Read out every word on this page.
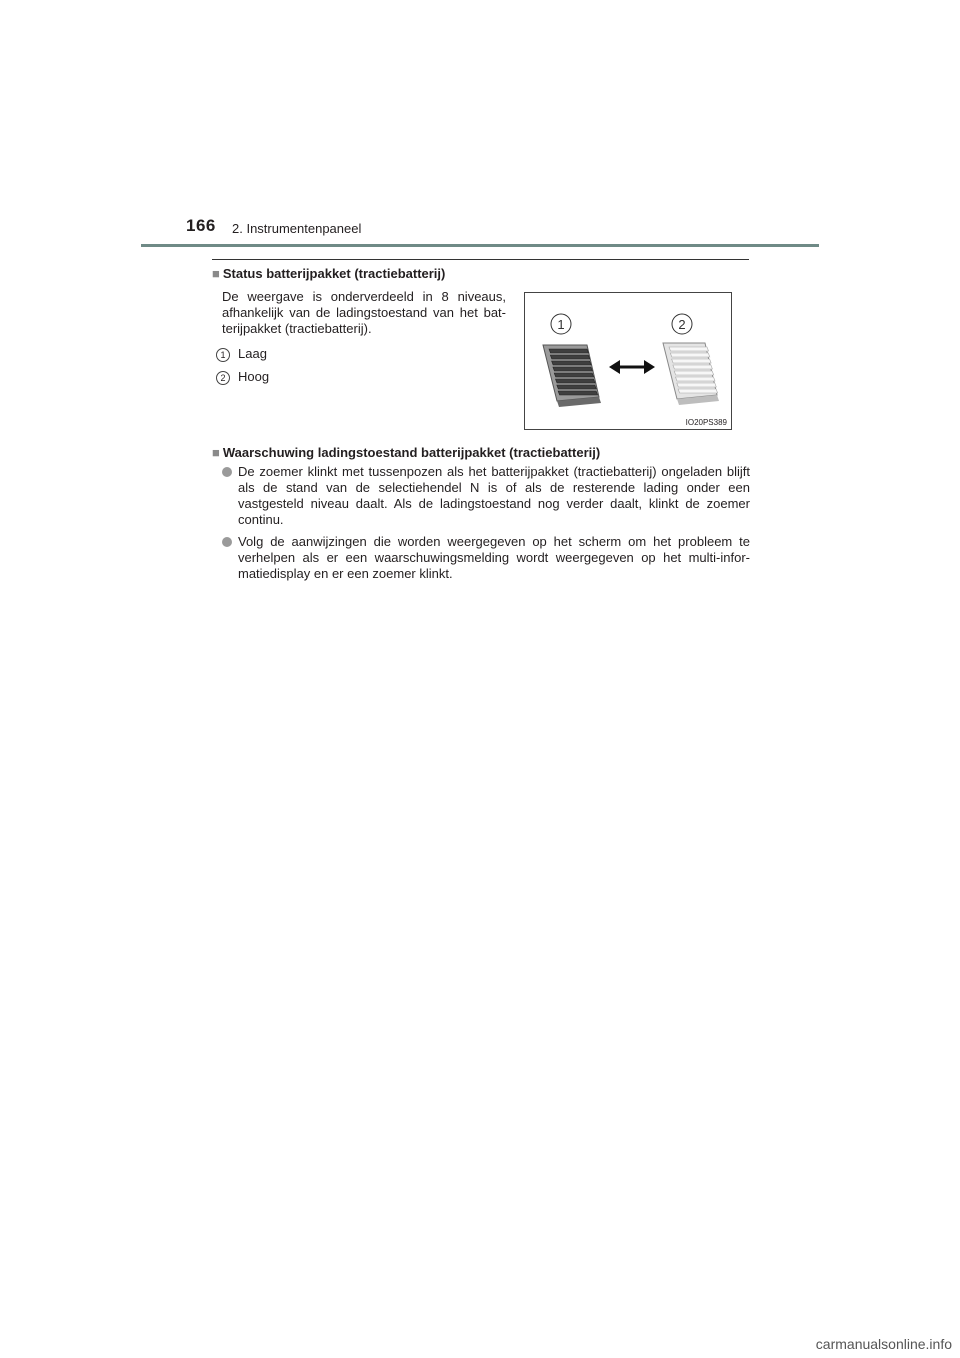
166 2. Instrumentenpaneel
■ Status batterijpakket (tractiebatterij)
De weergave is onderverdeeld in 8 niveaus, afhankelijk van de ladingstoestand van het bat-terijpakket (tractiebatterij).
1 Laag
2 Hoog
1	2
IO20PS389
■ Waarschuwing ladingstoestand batterijpakket (tractiebatterij)
De zoemer klinkt met tussenpozen als het batterijpakket (tractiebatterij) ongeladen blijft als de stand van de selectiehendel N is of als de resterende lading onder een vastgesteld niveau daalt. Als de ladingstoestand nog verder daalt, klinkt de zoemer continu.
Volg de aanwijzingen die worden weergegeven op het scherm om het probleem te verhelpen als er een waarschuwingsmelding wordt weergegeven op het multi-infor-matiedisplay en er een zoemer klinkt.
carmanualsonline.info
